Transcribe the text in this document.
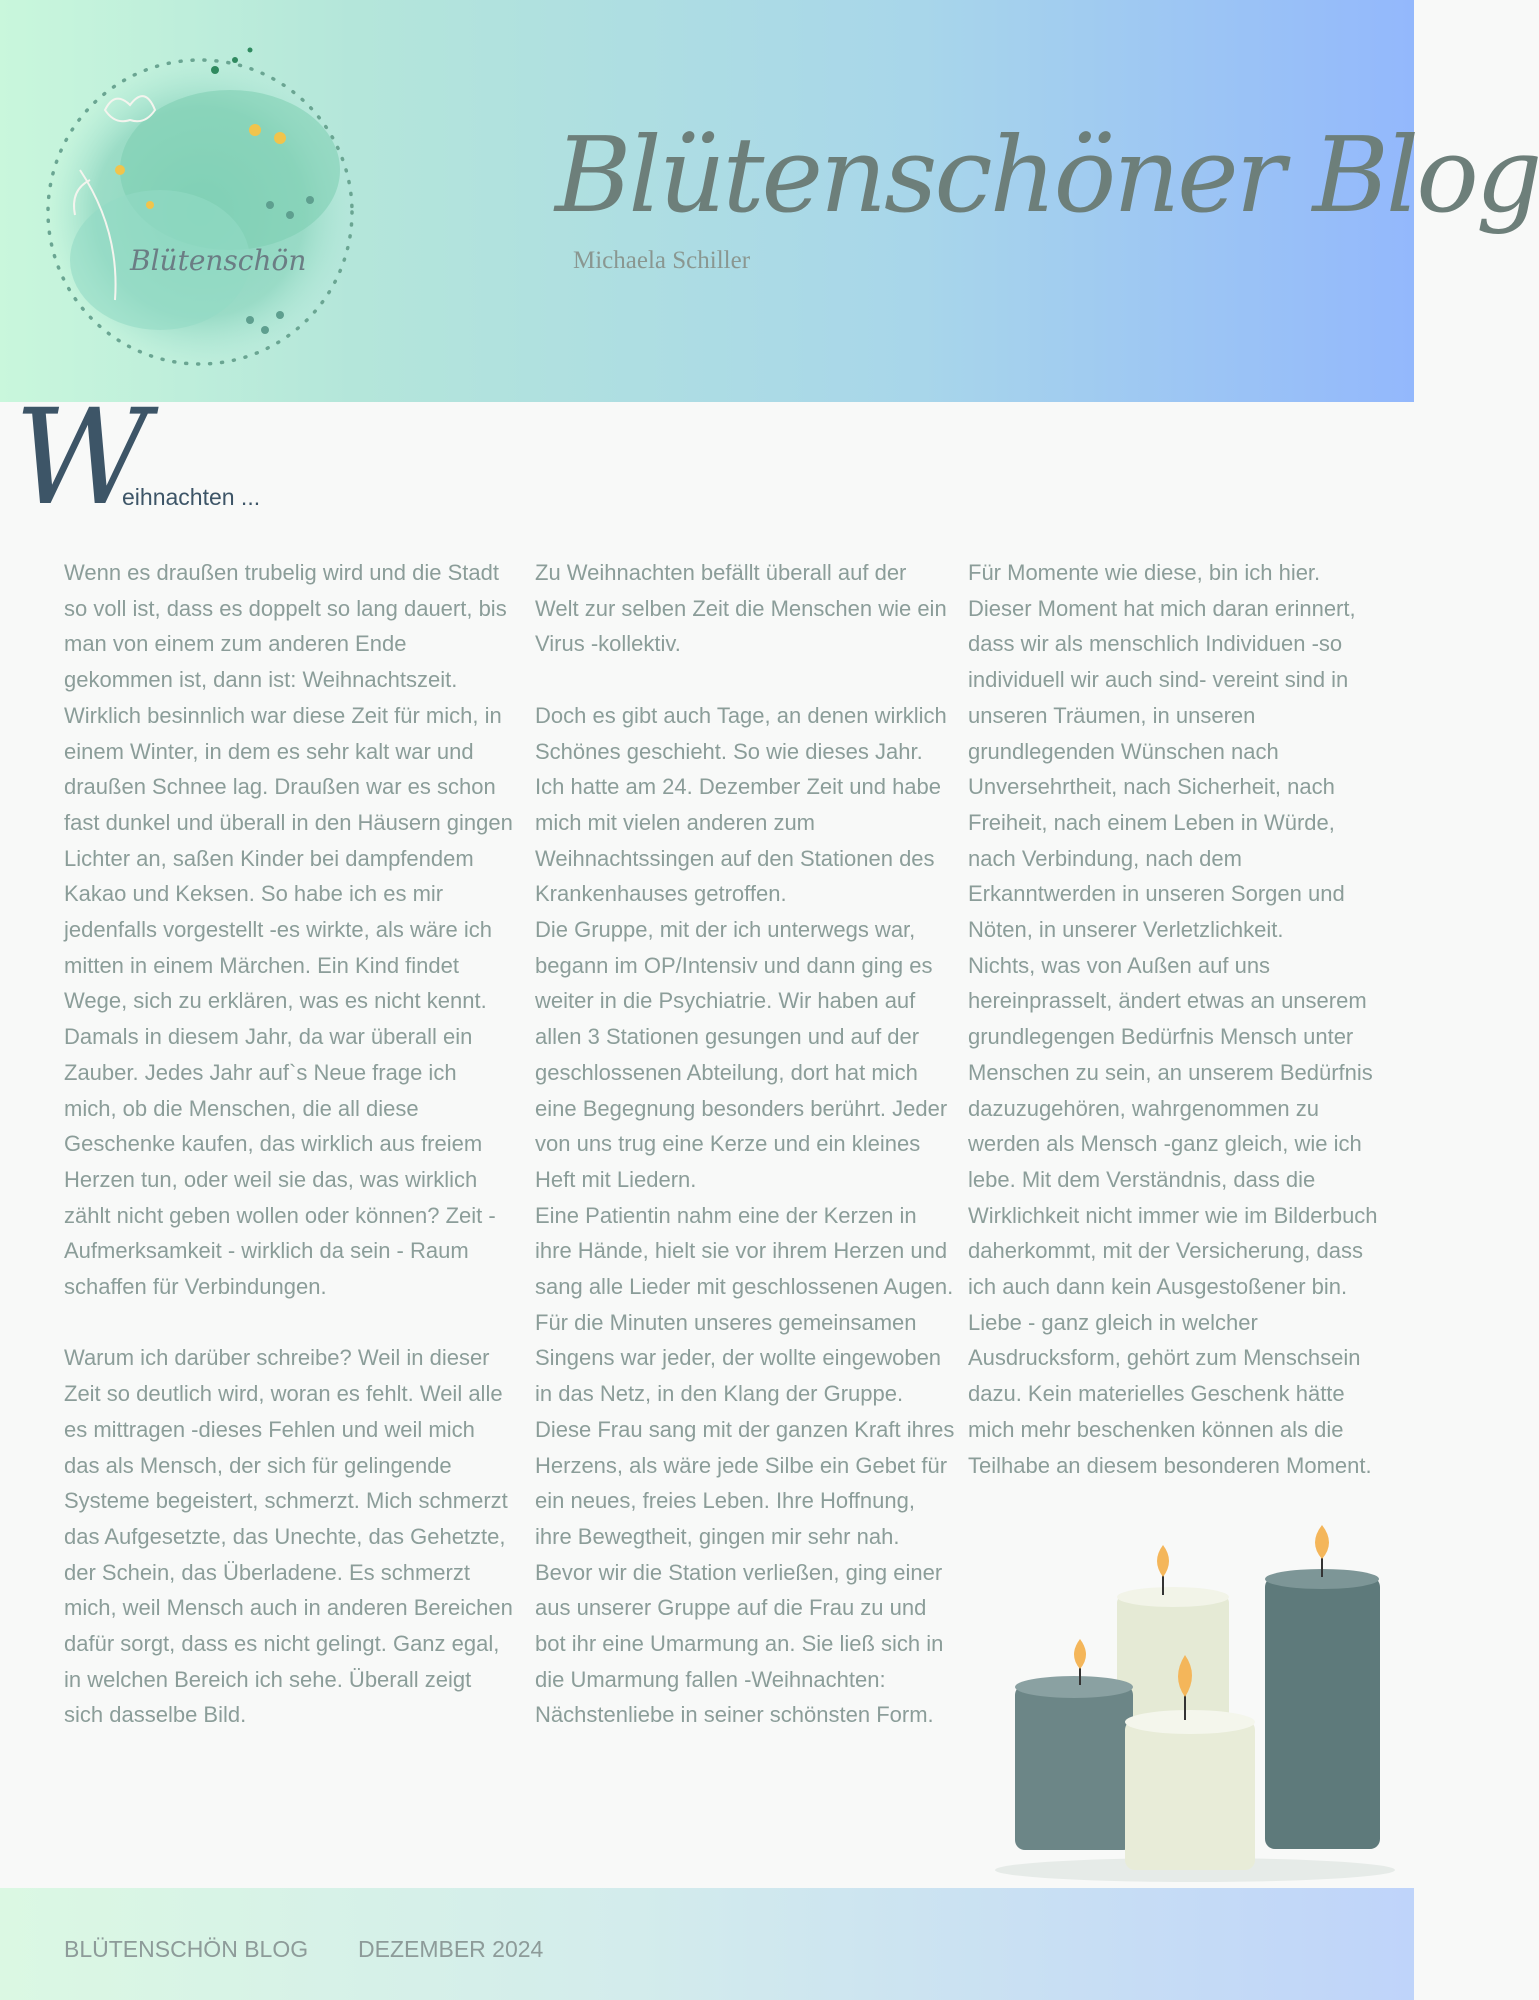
Blütenschön
Blütenschöner Blog
Michaela Schiller
W
eihnachten ...

Wenn es draußen trubelig wird und die Stadt so voll ist, dass es doppelt so lang dauert, bis man von einem zum anderen Ende gekommen ist, dann ist: Weihnachtszeit.

Wirklich besinnlich war diese Zeit für mich, in einem Winter, in dem es sehr kalt war und draußen Schnee lag. Draußen war es schon fast dunkel und überall in den Häusern gingen Lichter an, saßen Kinder bei dampfendem Kakao und Keksen. So habe ich es mir jedenfalls vorgestellt -es wirkte, als wäre ich mitten in einem Märchen. Ein Kind findet Wege, sich zu erklären, was es nicht kennt. Damals in diesem Jahr, da war überall ein Zauber. Jedes Jahr auf`s Neue frage ich mich, ob die Menschen, die all diese Geschenke kaufen, das wirklich aus freiem Herzen tun, oder weil sie das, was wirklich zählt nicht geben wollen oder können? Zeit - Aufmerksamkeit - wirklich da sein - Raum schaffen für Verbindungen.

Warum ich darüber schreibe? Weil in dieser Zeit so deutlich wird, woran es fehlt. Weil alle es mittragen -dieses Fehlen und weil mich das als Mensch, der sich für gelingende Systeme begeistert, schmerzt. Mich schmerzt das Aufgesetzte, das Unechte, das Gehetzte, der Schein, das Überladene. Es schmerzt mich, weil Mensch auch in anderen Bereichen dafür sorgt, dass es nicht gelingt. Ganz egal, in welchen Bereich ich sehe. Überall zeigt sich dasselbe Bild.

Zu Weihnachten befällt überall auf der Welt zur selben Zeit die Menschen wie ein Virus -kollektiv.

Doch es gibt auch Tage, an denen wirklich Schönes geschieht. So wie dieses Jahr.

Ich hatte am 24. Dezember Zeit und habe mich mit vielen anderen zum Weihnachtssingen auf den Stationen des Krankenhauses getroffen.

Die Gruppe, mit der ich unterwegs war, begann im OP/Intensiv und dann ging es weiter in die Psychiatrie. Wir haben auf allen 3 Stationen gesungen und auf der geschlossenen Abteilung, dort hat mich eine Begegnung besonders berührt. Jeder von uns trug eine Kerze und ein kleines Heft mit Liedern.

Eine Patientin nahm eine der Kerzen in ihre Hände, hielt sie vor ihrem Herzen und sang alle Lieder mit geschlossenen Augen. Für die Minuten unseres gemeinsamen Singens war jeder, der wollte eingewoben in das Netz, in den Klang der Gruppe. Diese Frau sang mit der ganzen Kraft ihres Herzens, als wäre jede Silbe ein Gebet für ein neues, freies Leben. Ihre Hoffnung, ihre Bewegtheit, gingen mir sehr nah. Bevor wir die Station verließen, ging einer aus unserer Gruppe auf die Frau zu und bot ihr eine Umarmung an. Sie ließ sich in die Umarmung fallen -Weihnachten: Nächstenliebe in seiner schönsten Form.

Für Momente wie diese, bin ich hier.

Dieser Moment hat mich daran erinnert, dass wir als menschlich Individuen -so individuell wir auch sind- vereint sind in unseren Träumen, in unseren grundlegenden Wünschen nach Unversehrtheit, nach Sicherheit, nach Freiheit, nach einem Leben in Würde, nach Verbindung, nach dem Erkanntwerden in unseren Sorgen und Nöten, in unserer Verletzlichkeit.

Nichts, was von Außen auf uns hereinprasselt, ändert etwas an unserem grundlegengen Bedürfnis Mensch unter Menschen zu sein, an unserem Bedürfnis dazuzugehören, wahrgenommen zu werden als Mensch -ganz gleich, wie ich lebe. Mit dem Verständnis, dass die Wirklichkeit nicht immer wie im Bilderbuch daherkommt, mit der Versicherung, dass ich auch dann kein Ausgestoßener bin. Liebe - ganz gleich in welcher Ausdrucksform, gehört zum Menschsein dazu. Kein materielles Geschenk hätte mich mehr beschenken können als die Teilhabe an diesem besonderen Moment.

BLÜTENSCHÖN BLOG DEZEMBER 2024
